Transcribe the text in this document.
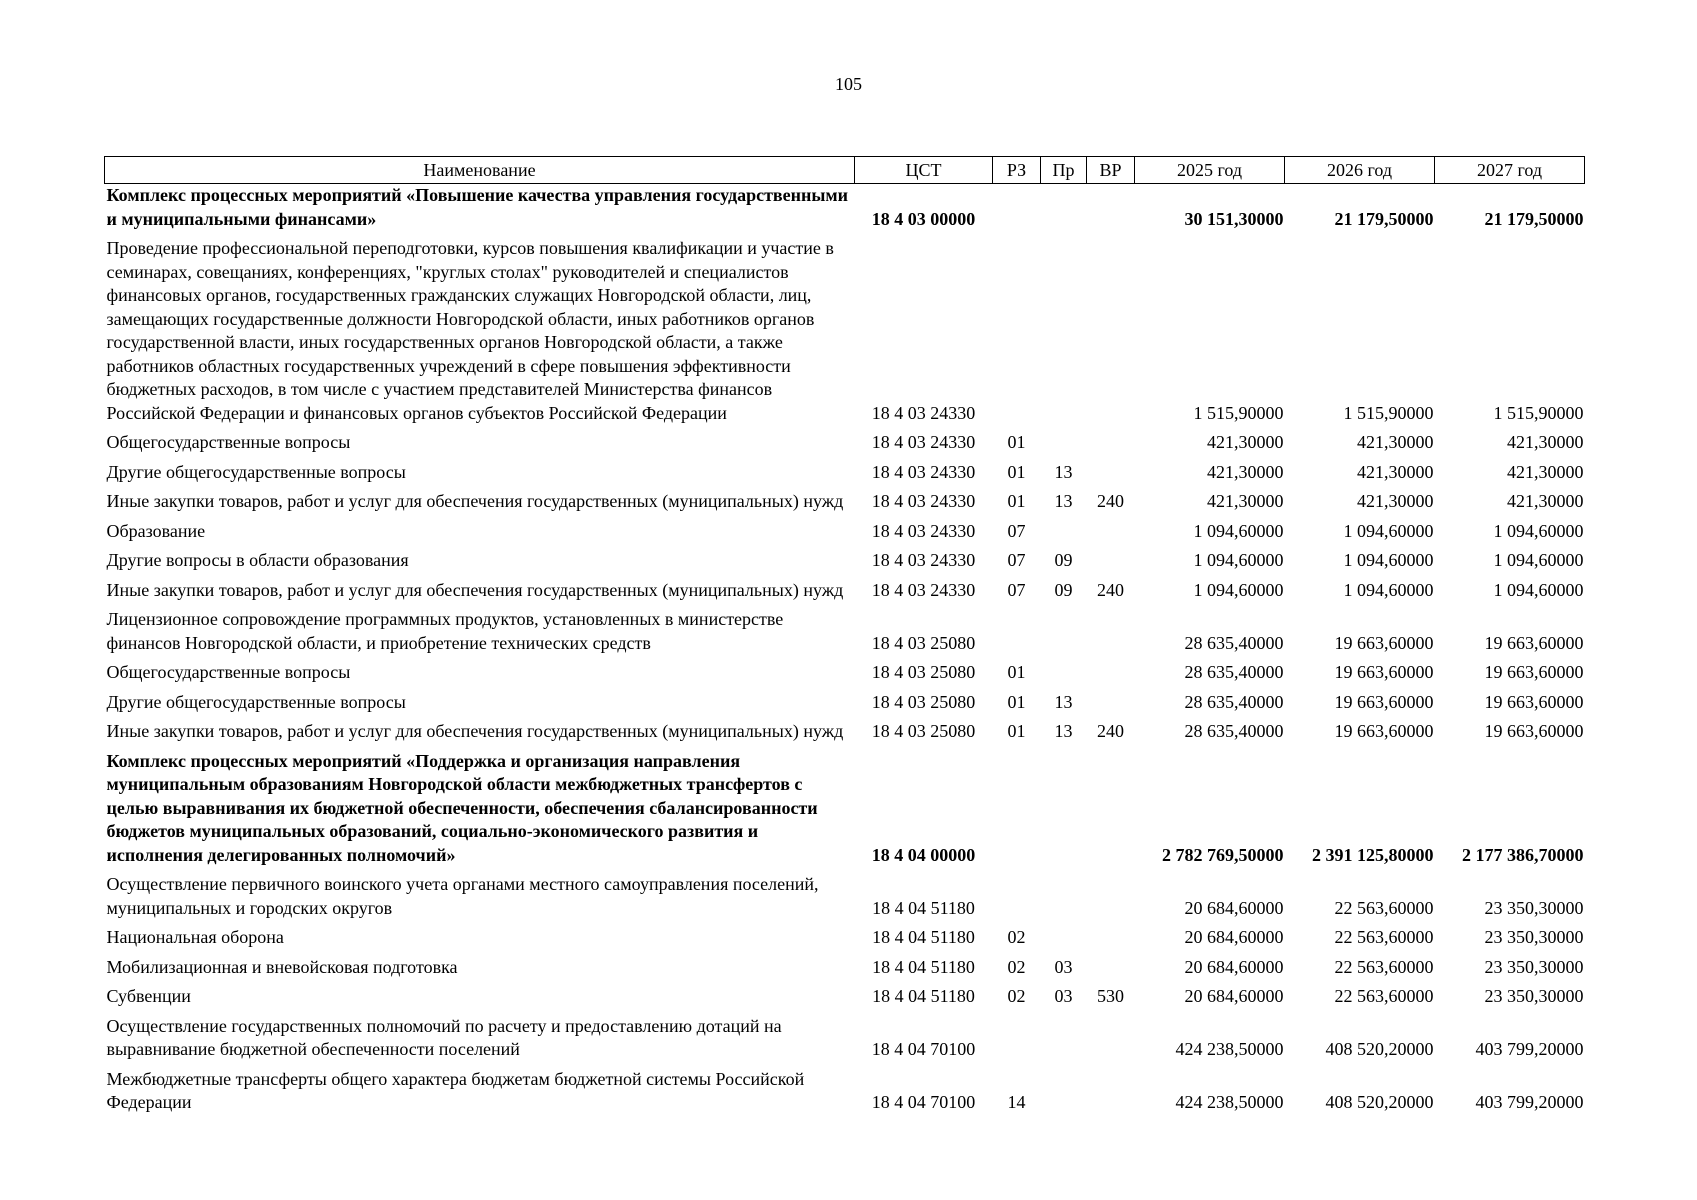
105
Наименование	ЦСТ	РЗ	Пр	ВР	2025 год	2026 год	2027 год
Комплекс процессных мероприятий «Повышение качества управления государственными и муниципальными финансами»	18 4 03 00000				30 151,30000	21 179,50000	21 179,50000
Проведение профессиональной переподготовки, курсов повышения квалификации и участие в семинарах, совещаниях, конференциях, "круглых столах" руководителей и специалистов финансовых органов, государственных гражданских служащих Новгородской области, лиц, замещающих государственные должности Новгородской области, иных работников органов государственной власти, иных государственных органов Новгородской области, а также работников областных государственных учреждений в сфере повышения эффективности бюджетных расходов, в том числе с участием представителей Министерства финансов Российской Федерации и финансовых органов субъектов Российской Федерации	18 4 03 24330				1 515,90000	1 515,90000	1 515,90000
Общегосударственные вопросы	18 4 03 24330	01			421,30000	421,30000	421,30000
Другие общегосударственные вопросы	18 4 03 24330	01	13		421,30000	421,30000	421,30000
Иные закупки товаров, работ и услуг для обеспечения государственных (муниципальных) нужд	18 4 03 24330	01	13	240	421,30000	421,30000	421,30000
Образование	18 4 03 24330	07			1 094,60000	1 094,60000	1 094,60000
Другие вопросы в области образования	18 4 03 24330	07	09		1 094,60000	1 094,60000	1 094,60000
Иные закупки товаров, работ и услуг для обеспечения государственных (муниципальных) нужд	18 4 03 24330	07	09	240	1 094,60000	1 094,60000	1 094,60000
Лицензионное сопровождение программных продуктов, установленных в министерстве финансов Новгородской области, и приобретение технических средств	18 4 03 25080				28 635,40000	19 663,60000	19 663,60000
Общегосударственные вопросы	18 4 03 25080	01			28 635,40000	19 663,60000	19 663,60000
Другие общегосударственные вопросы	18 4 03 25080	01	13		28 635,40000	19 663,60000	19 663,60000
Иные закупки товаров, работ и услуг для обеспечения государственных (муниципальных) нужд	18 4 03 25080	01	13	240	28 635,40000	19 663,60000	19 663,60000
Комплекс процессных мероприятий «Поддержка и организация направления муниципальным образованиям Новгородской области межбюджетных трансфертов с целью выравнивания их бюджетной обеспеченности, обеспечения сбалансированности бюджетов муниципальных образований, социально-экономического развития и исполнения делегированных полномочий»	18 4 04 00000				2 782 769,50000	2 391 125,80000	2 177 386,70000
Осуществление первичного воинского учета органами местного самоуправления поселений, муниципальных и городских округов	18 4 04 51180				20 684,60000	22 563,60000	23 350,30000
Национальная оборона	18 4 04 51180	02			20 684,60000	22 563,60000	23 350,30000
Мобилизационная и вневойсковая подготовка	18 4 04 51180	02	03		20 684,60000	22 563,60000	23 350,30000
Субвенции	18 4 04 51180	02	03	530	20 684,60000	22 563,60000	23 350,30000
Осуществление государственных полномочий по расчету и предоставлению дотаций на выравнивание бюджетной обеспеченности поселений	18 4 04 70100				424 238,50000	408 520,20000	403 799,20000
Межбюджетные трансферты общего характера бюджетам бюджетной системы Российской Федерации	18 4 04 70100	14			424 238,50000	408 520,20000	403 799,20000
